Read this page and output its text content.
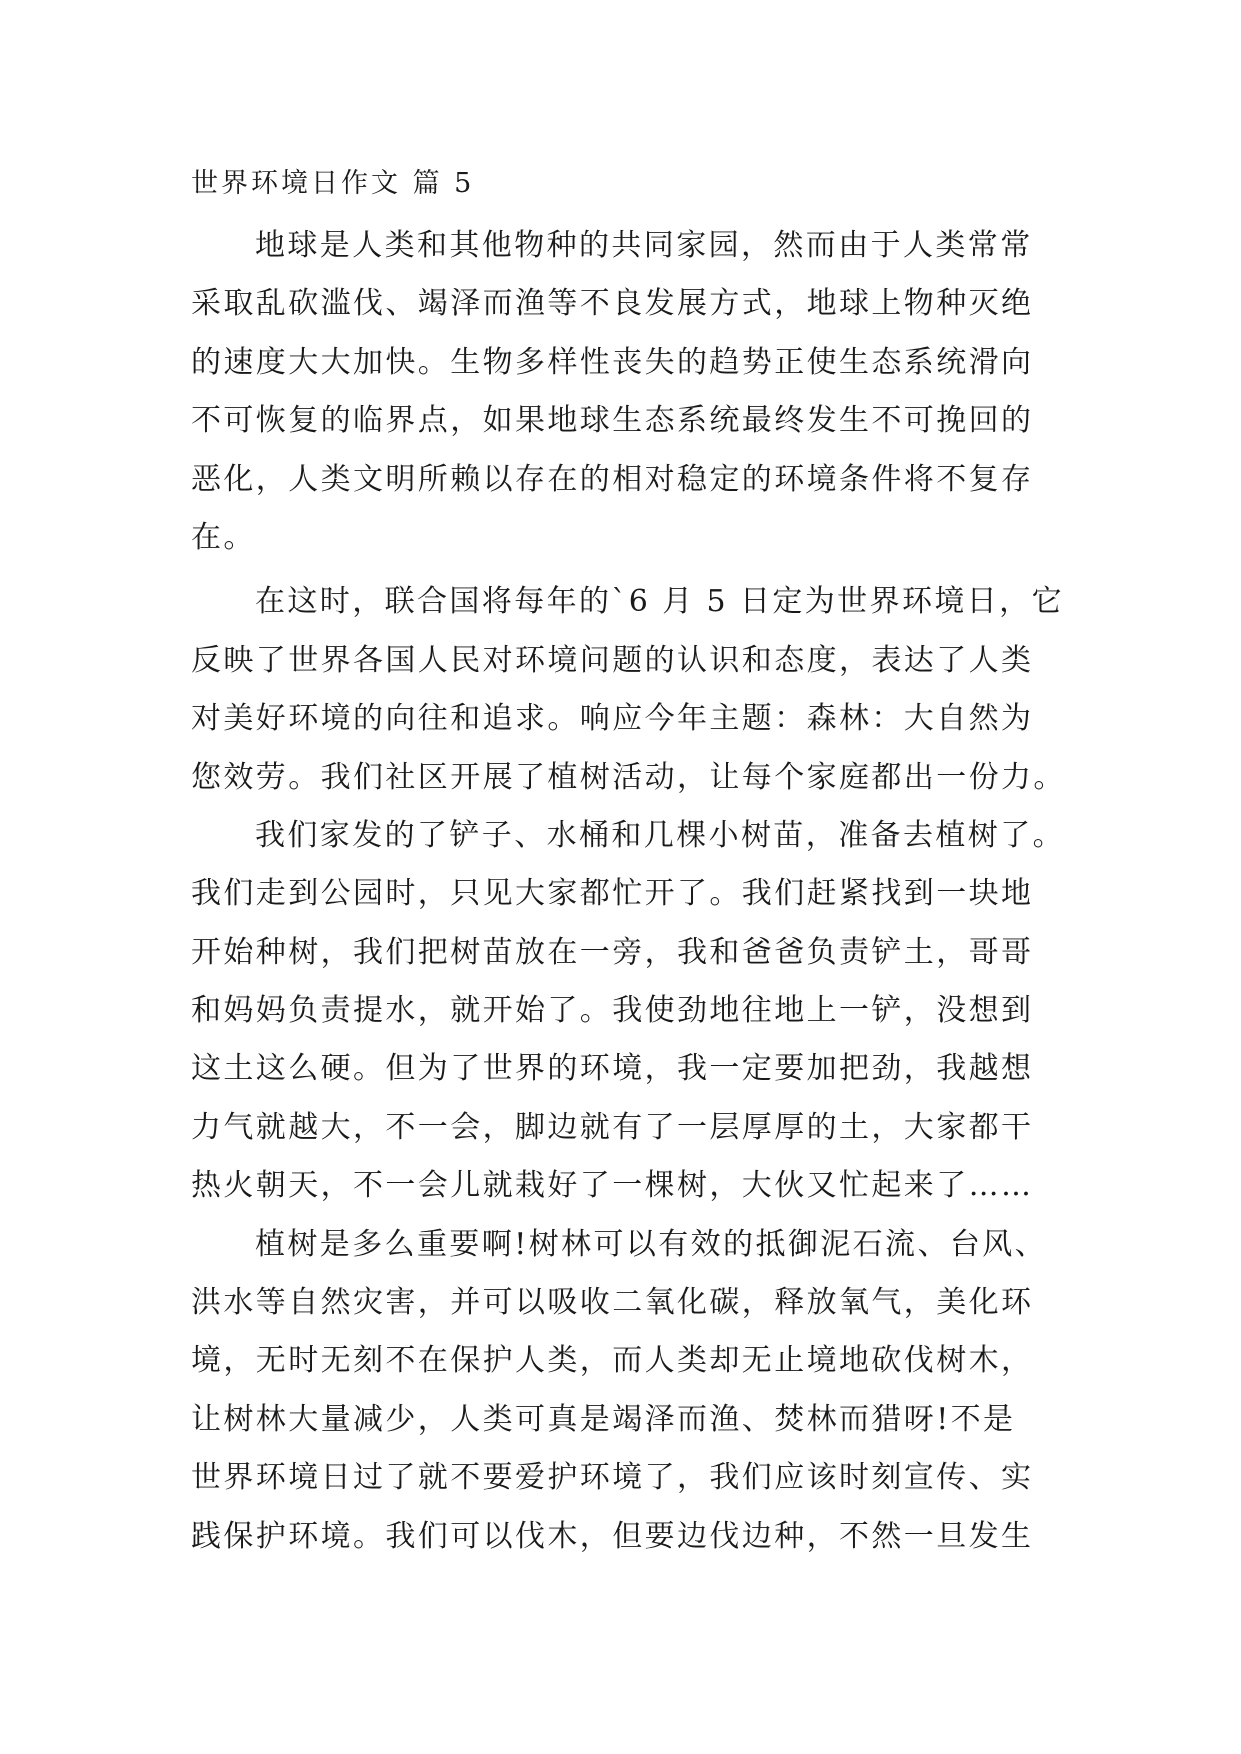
世界环境日作文 篇 5
地球是人类和其他物种的共同家园，然而由于人类常常
采取乱砍滥伐、竭泽而渔等不良发展方式，地球上物种灭绝
的速度大大加快。生物多样性丧失的趋势正使生态系统滑向
不可恢复的临界点，如果地球生态系统最终发生不可挽回的
恶化，人类文明所赖以存在的相对稳定的环境条件将不复存
在。
在这时，联合国将每年的`6 月 5 日定为世界环境日，它
反映了世界各国人民对环境问题的认识和态度，表达了人类
对美好环境的向往和追求。响应今年主题：森林：大自然为
您效劳。我们社区开展了植树活动，让每个家庭都出一份力。
我们家发的了铲子、水桶和几棵小树苗，准备去植树了。
我们走到公园时，只见大家都忙开了。我们赶紧找到一块地
开始种树，我们把树苗放在一旁，我和爸爸负责铲土，哥哥
和妈妈负责提水，就开始了。我使劲地往地上一铲，没想到
这土这么硬。但为了世界的环境，我一定要加把劲，我越想
力气就越大，不一会，脚边就有了一层厚厚的土，大家都干
热火朝天，不一会儿就栽好了一棵树，大伙又忙起来了……
植树是多么重要啊!树林可以有效的抵御泥石流、台风、
洪水等自然灾害，并可以吸收二氧化碳，释放氧气，美化环
境，无时无刻不在保护人类，而人类却无止境地砍伐树木，
让树林大量减少，人类可真是竭泽而渔、焚林而猎呀!不是
世界环境日过了就不要爱护环境了，我们应该时刻宣传、实
践保护环境。我们可以伐木，但要边伐边种，不然一旦发生
